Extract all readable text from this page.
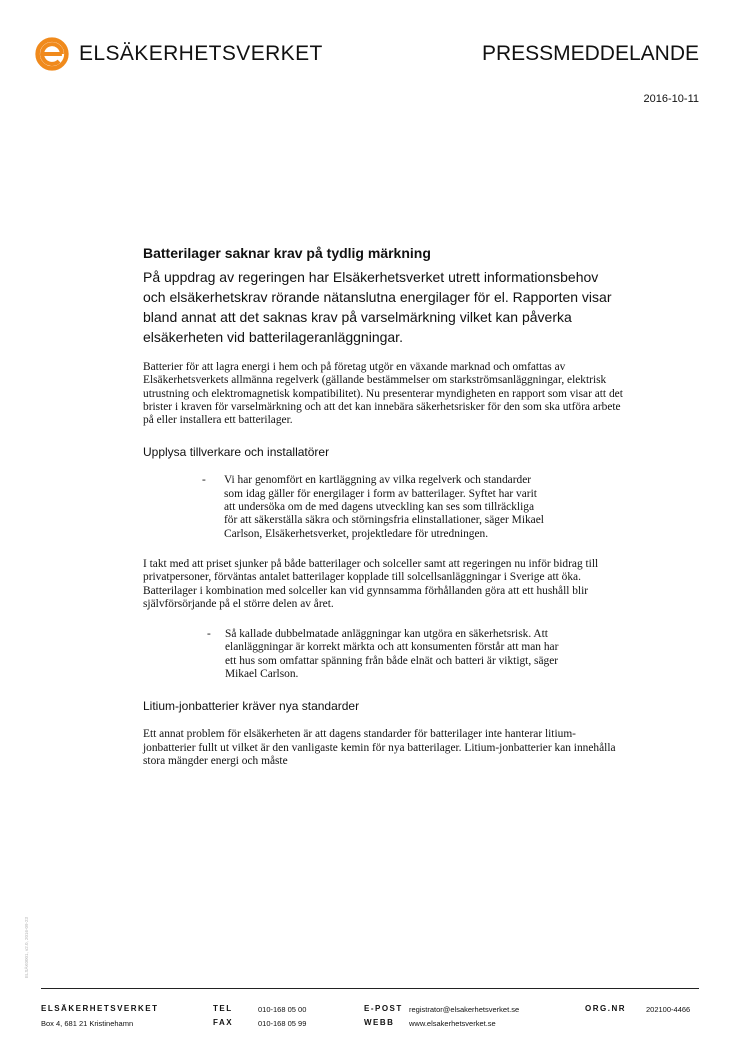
ELSÄKERHETSVERKET	PRESSMEDDELANDE
2016-10-11
Batterilager saknar krav på tydlig märkning
På uppdrag av regeringen har Elsäkerhetsverket utrett informationsbehov och elsäkerhetskrav rörande nätanslutna energilager för el. Rapporten visar bland annat att det saknas krav på varselmärkning vilket kan påverka elsäkerheten vid batterilageranläggningar.
Batterier för att lagra energi i hem och på företag utgör en växande marknad och omfattas av Elsäkerhetsverkets allmänna regelverk (gällande bestämmelser om starkströmsanläggningar, elektrisk utrustning och elektromagnetisk kompatibilitet). Nu presenterar myndigheten en rapport som visar att det brister i kraven för varselmärkning och att det kan innebära säkerhetsrisker för den som ska utföra arbete på eller installera ett batterilager.
Upplysa tillverkare och installatörer
- Vi har genomfört en kartläggning av vilka regelverk och standarder som idag gäller för energilager i form av batterilager. Syftet har varit att undersöka om de med dagens utveckling kan ses som tillräckliga för att säkerställa säkra och störningsfria elinstallationer, säger Mikael Carlson, Elsäkerhetsverket, projektledare för utredningen.
I takt med att priset sjunker på både batterilager och solceller samt att regeringen nu inför bidrag till privatpersoner, förväntas antalet batterilager kopplade till solcellsanläggningar i Sverige att öka. Batterilager i kombination med solceller kan vid gynnsamma förhållanden göra att ett hushåll blir självförsörjande på el större delen av året.
- Så kallade dubbelmatade anläggningar kan utgöra en säkerhetsrisk. Att elanläggningar är korrekt märkta och att konsumenten förstår att man har ett hus som omfattar spänning från både elnät och batteri är viktigt, säger Mikael Carlson.
Litium-jonbatterier kräver nya standarder
Ett annat problem för elsäkerheten är att dagens standarder för batterilager inte hanterar litium-jonbatterier fullt ut vilket är den vanligaste kemin för nya batterilager. Litium-jonbatterier kan innehålla stora mängder energi och måste
ELSÄK0001, v2.0, 2016-09-23
ELSÄKERHETSVERKET
Box 4, 681 21 Kristinehamn
TEL	010-168 05 00
FAX	010-168 05 99
E-POST registrator@elsakerhetsverket.se
WEBB www.elsakerhetsverket.se
ORG.NR	202100-4466
